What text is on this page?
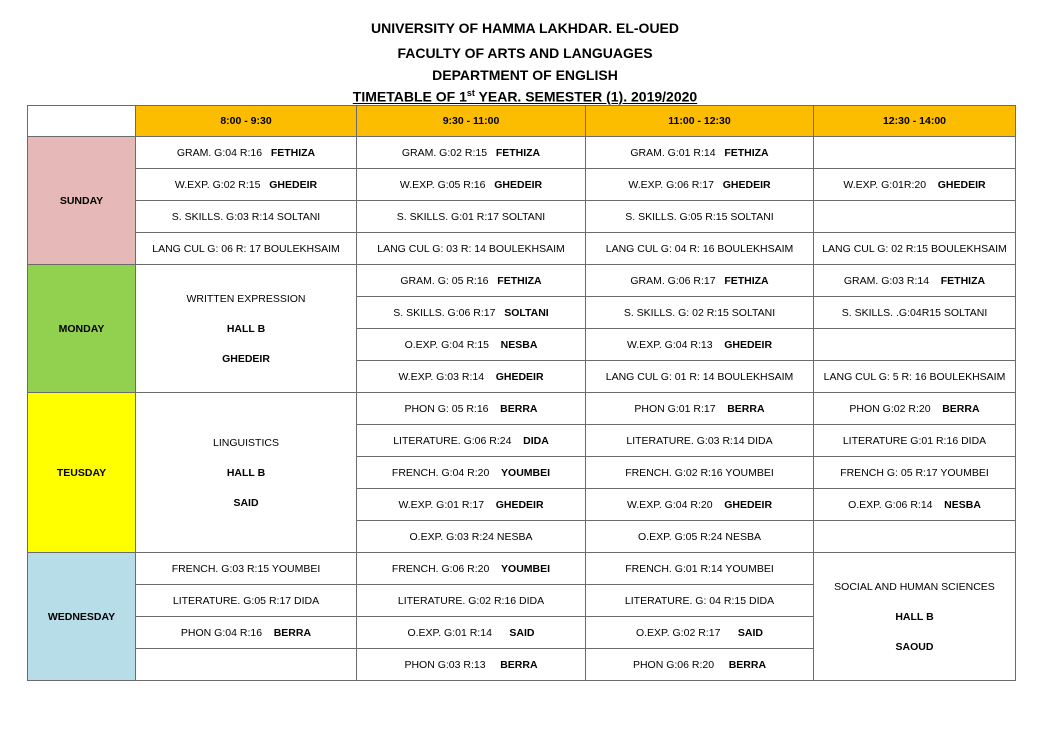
UNIVERSITY OF HAMMA LAKHDAR. EL-OUED
FACULTY OF ARTS AND LANGUAGES
DEPARTMENT OF ENGLISH
TIMETABLE OF 1st YEAR. SEMESTER (1). 2019/2020
	8:00 - 9:30	9:30 - 11:00	11:00 - 12:30	12:30 - 14:00
SUNDAY	GRAM. G:04 R:16 FETHIZA	GRAM. G:02 R:15 FETHIZA	GRAM. G:01 R:14 FETHIZA	
	W.EXP. G:02 R:15 GHEDEIR	W.EXP. G:05 R:16 GHEDEIR	W.EXP. G:06 R:17 GHEDEIR	W.EXP. G:01R:20 GHEDEIR
	S. SKILLS. G:03 R:14 SOLTANI	S. SKILLS. G:01 R:17 SOLTANI	S. SKILLS. G:05 R:15 SOLTANI	
	LANG CUL G: 06 R: 17 BOULEKHSAIM	LANG CUL G: 03 R: 14 BOULEKHSAIM	LANG CUL G: 04 R: 16 BOULEKHSAIM	LANG CUL G: 02 R:15 BOULEKHSAIM
MONDAY	WRITTEN EXPRESSION
HALL B
GHEDEIR	GRAM. G: 05 R:16 FETHIZA	GRAM. G:06 R:17 FETHIZA	GRAM. G:03 R:14 FETHIZA
		S. SKILLS. G:06 R:17 SOLTANI	S. SKILLS. G: 02 R:15 SOLTANI	S. SKILLS. .G:04R15 SOLTANI
		O.EXP. G:04 R:15 NESBA	W.EXP. G:04 R:13 GHEDEIR	
		W.EXP. G:03 R:14 GHEDEIR	LANG CUL G: 01 R: 14 BOULEKHSAIM	LANG CUL G: 5 R: 16 BOULEKHSAIM
TEUSDAY	LINGUISTICS
HALL B
SAID	PHON G: 05 R:16 BERRA	PHON G:01 R:17 BERRA	PHON G:02 R:20 BERRA
		LITERATURE. G:06 R:24 DIDA	LITERATURE. G:03 R:14 DIDA	LITERATURE G:01 R:16 DIDA
		FRENCH. G:04 R:20 YOUMBEI	FRENCH. G:02 R:16 YOUMBEI	FRENCH G: 05 R:17 YOUMBEI
		W.EXP. G:01 R:17 GHEDEIR	W.EXP. G:04 R:20 GHEDEIR	O.EXP. G:06 R:14 NESBA
		O.EXP. G:03 R:24 NESBA	O.EXP. G:05 R:24 NESBA	
WEDNESDAY	FRENCH. G:03 R:15 YOUMBEI	FRENCH. G:06 R:20 YOUMBEI	FRENCH. G:01 R:14 YOUMBEI	SOCIAL AND HUMAN SCIENCES
HALL B
SAOUD

	LITERATURE. G:05 R:17 DIDA	LITERATURE. G:02 R:16 DIDA	LITERATURE. G: 04 R:15 DIDA	
	PHON G:04 R:16 BERRA	O.EXP. G:01 R:14 SAID	O.EXP. G:02 R:17 SAID	
		PHON G:03 R:13 BERRA	PHON G:06 R:20 BERRA	
